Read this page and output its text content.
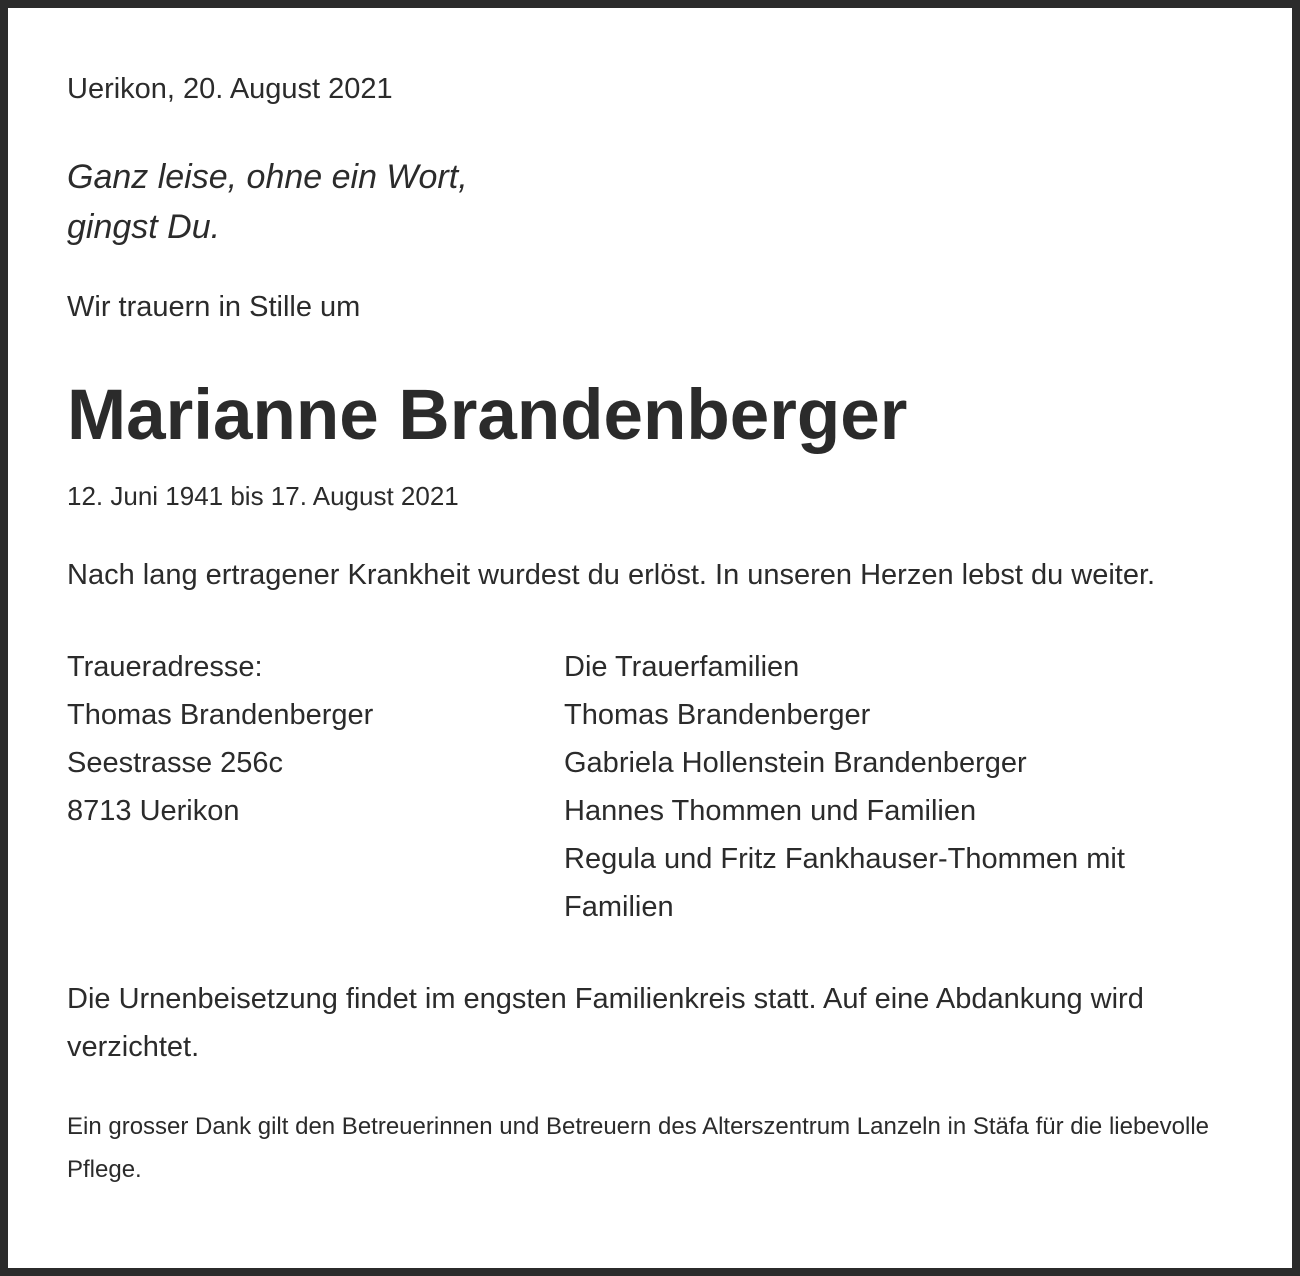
Uerikon, 20. August 2021
Ganz leise, ohne ein Wort,
gingst Du.
Wir trauern in Stille um
Marianne Brandenberger
12. Juni 1941 bis 17. August 2021
Nach lang ertragener Krankheit wurdest du erlöst. In unseren Herzen lebst du weiter.
Traueradresse:
Thomas Brandenberger
Seestrasse 256c
8713 Uerikon
Die Trauerfamilien
Thomas Brandenberger
Gabriela Hollenstein Brandenberger
Hannes Thommen und Familien
Regula und Fritz Fankhauser-Thommen mit
Familien
Die Urnenbeisetzung findet im engsten Familienkreis statt. Auf eine Abdankung wird verzichtet.
Ein grosser Dank gilt den Betreuerinnen und Betreuern des Alterszentrum Lanzeln in Stäfa für die liebevolle Pflege.
